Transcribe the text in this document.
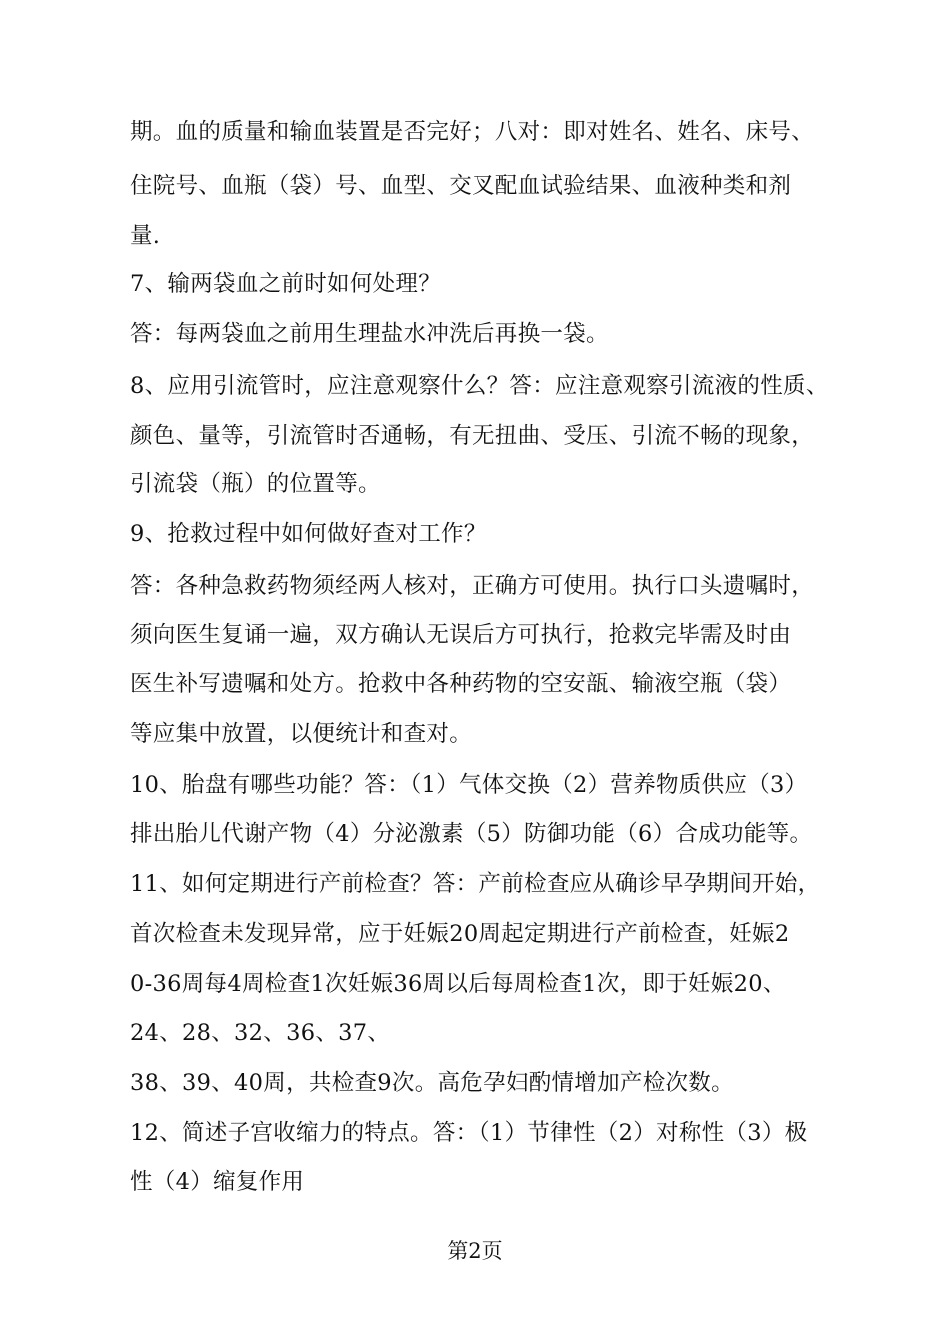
期。血的质量和输血装置是否完好；八对：即对姓名、姓名、床号、
住院号、血瓶（袋）号、血型、交叉配血试验结果、血液种类和剂
量.
7、输两袋血之前时如何处理？
答：每两袋血之前用生理盐水冲洗后再换一袋。
8、应用引流管时，应注意观察什么？答：应注意观察引流液的性质、
颜色、量等，引流管时否通畅，有无扭曲、受压、引流不畅的现象，
引流袋（瓶）的位置等。
9、抢救过程中如何做好查对工作？
答：各种急救药物须经两人核对，正确方可使用。执行口头遗嘱时，
须向医生复诵一遍，双方确认无误后方可执行，抢救完毕需及时由
医生补写遗嘱和处方。抢救中各种药物的空安瓿、输液空瓶（袋）
等应集中放置，以便统计和查对。
10、胎盘有哪些功能？答：（1）气体交换（2）营养物质供应（3）
排出胎儿代谢产物（4）分泌激素（5）防御功能（6）合成功能等。
11、如何定期进行产前检查？答：产前检查应从确诊早孕期间开始，
首次检查未发现异常，应于妊娠20周起定期进行产前检查，妊娠2
0-36周每4周检查1次妊娠36周以后每周检查1次，即于妊娠20、
24、28、32、36、37、
38、39、40周，共检查9次。高危孕妇酌情增加产检次数。
12、简述子宫收缩力的特点。答：（1）节律性（2）对称性（3）极
性（4）缩复作用
第2页
